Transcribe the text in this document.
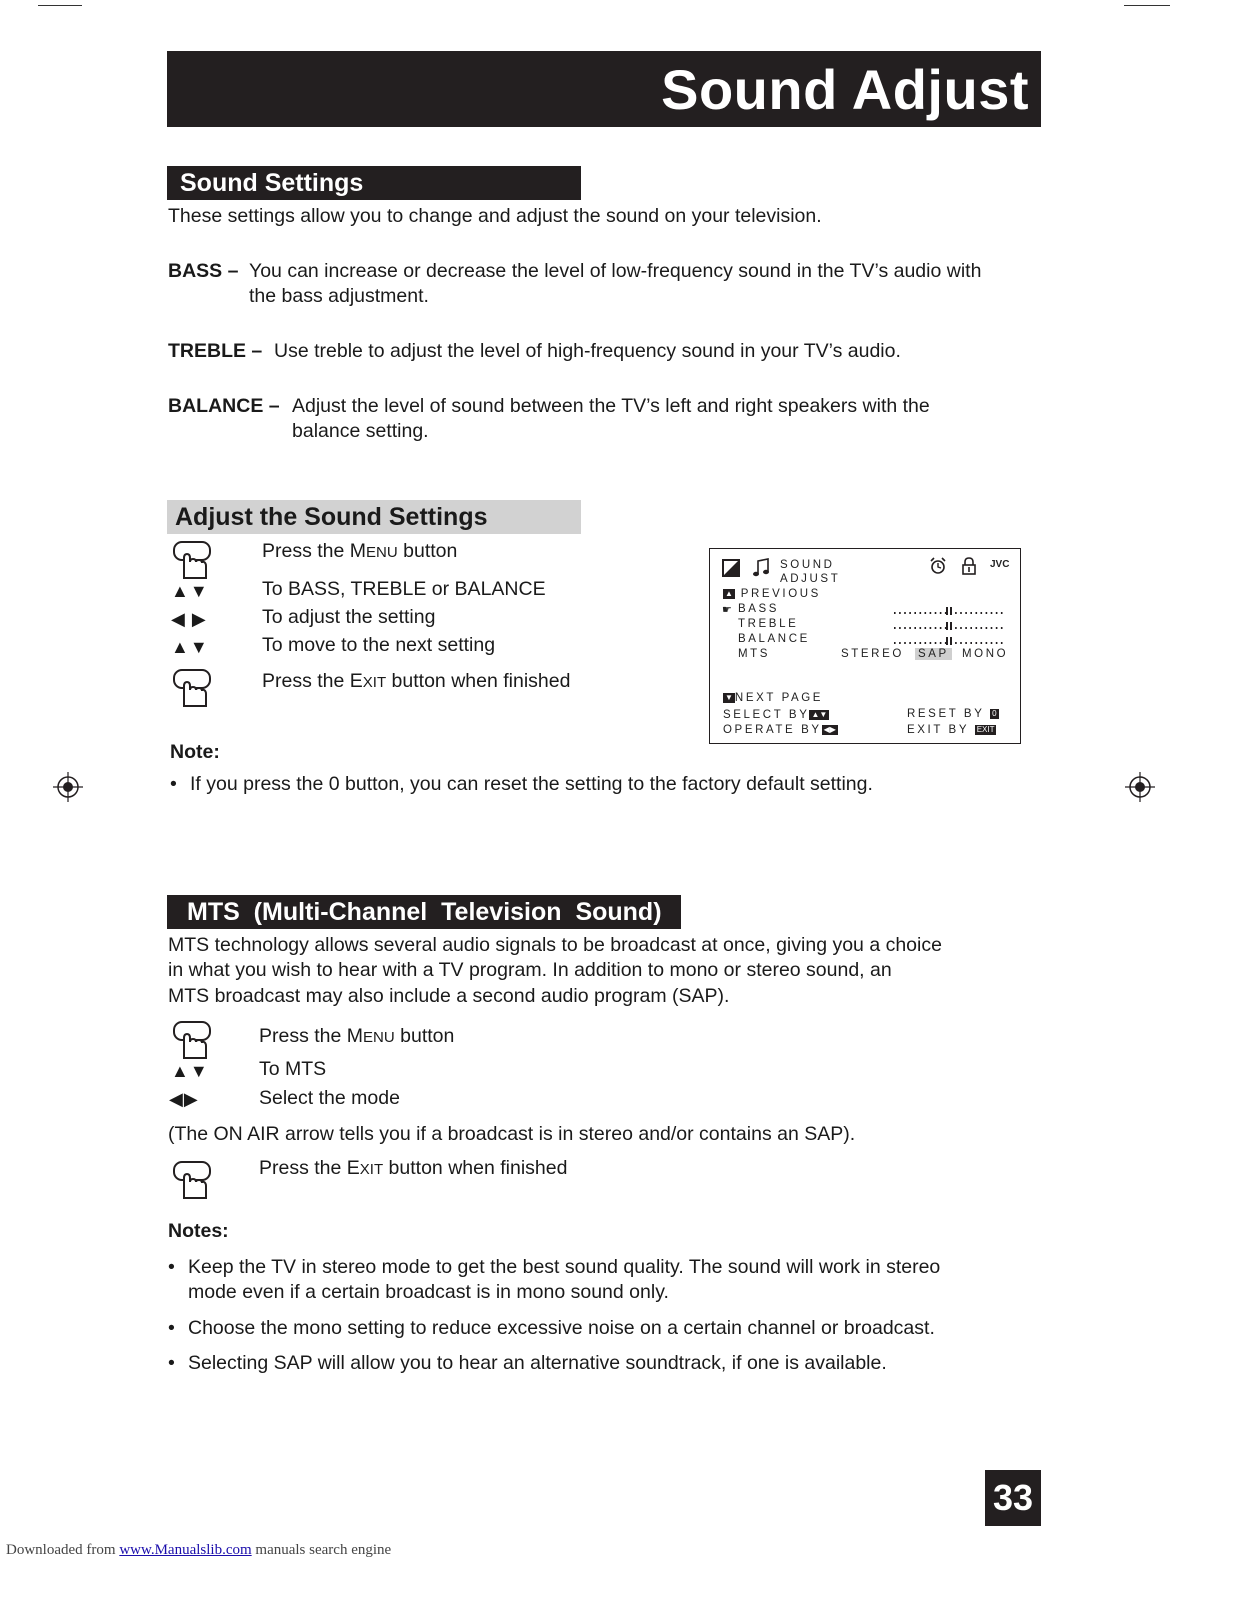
Sound Adjust
Sound Settings
These settings allow you to change and adjust the sound on your television.
BASS – You can increase or decrease the level of low-frequency sound in the TV’s audio with
the bass adjustment.
TREBLE – Use treble to adjust the level of high-frequency sound in your TV’s audio.
BALANCE – Adjust the level of sound between the TV’s left and right speakers with the
balance setting.
Adjust the Sound Settings
Press the MENU button
▲▼	To BASS, TREBLE or BALANCE
◀ ▶	To adjust the setting
▲▼	To move to the next setting
Press the EXIT button when finished
SOUND
ADJUST
JVC
▲ PREVIOUS
☛ BASS
TREBLE
BALANCE
MTS	STEREO SAP MONO
▼ NEXT PAGE
SELECT BY ▲▼
OPERATE BY ◀▶
RESET BY 0
EXIT BY EXIT
Note:
• If you press the 0 button, you can reset the setting to the factory default setting.
MTS  (Multi-Channel  Television  Sound)
MTS technology allows several audio signals to be broadcast at once, giving you a choice
in what you wish to hear with a TV program. In addition to mono or stereo sound, an
MTS broadcast may also include a second audio program (SAP).
Press the MENU button
▲▼	To MTS
◀▶	Select the mode
(The ON AIR arrow tells you if a broadcast is in stereo and/or contains an SAP).
Press the EXIT button when finished
Notes:
• Keep the TV in stereo mode to get the best sound quality. The sound will work in stereo
mode even if a certain broadcast is in mono sound only.
• Choose the mono setting to reduce excessive noise on a certain channel or broadcast.
• Selecting SAP will allow you to hear an alternative soundtrack, if one is available.
33
Downloaded from www.Manualslib.com manuals search engine
